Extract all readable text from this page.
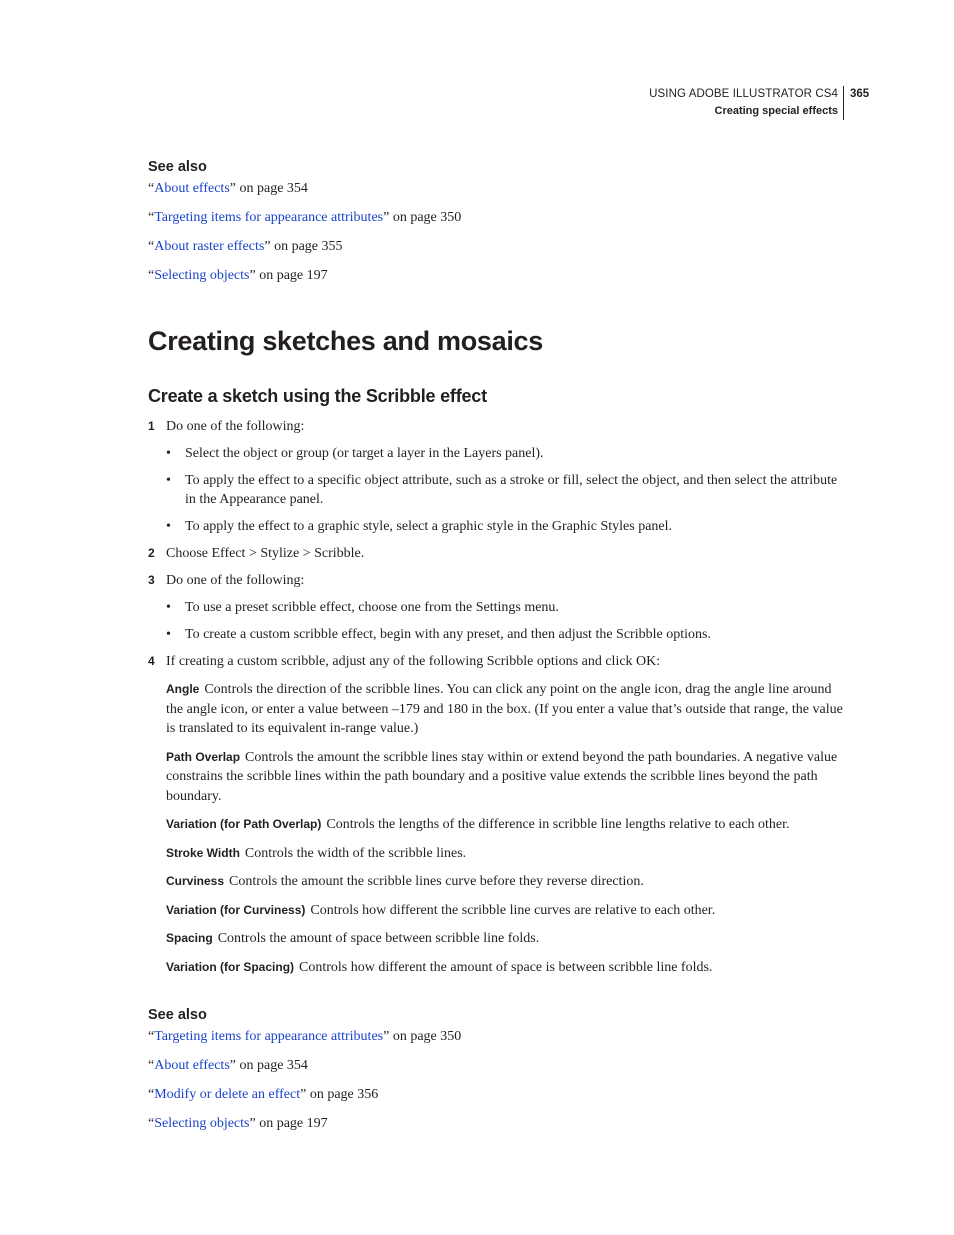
USING ADOBE ILLUSTRATOR CS4
Creating special effects
365
See also
“About effects” on page 354
“Targeting items for appearance attributes” on page 350
“About raster effects” on page 355
“Selecting objects” on page 197
Creating sketches and mosaics
Create a sketch using the Scribble effect
1 Do one of the following:
•	Select the object or group (or target a layer in the Layers panel).
•	To apply the effect to a specific object attribute, such as a stroke or fill, select the object, and then select the attribute in the Appearance panel.
•	To apply the effect to a graphic style, select a graphic style in the Graphic Styles panel.
2 Choose Effect > Stylize > Scribble.
3 Do one of the following:
•	To use a preset scribble effect, choose one from the Settings menu.
•	To create a custom scribble effect, begin with any preset, and then adjust the Scribble options.
4 If creating a custom scribble, adjust any of the following Scribble options and click OK:

Angle Controls the direction of the scribble lines. You can click any point on the angle icon, drag the angle line around the angle icon, or enter a value between –179 and 180 in the box. (If you enter a value that’s outside that range, the value is translated to its equivalent in-range value.)

Path Overlap Controls the amount the scribble lines stay within or extend beyond the path boundaries. A negative value constrains the scribble lines within the path boundary and a positive value extends the scribble lines beyond the path boundary.

Variation (for Path Overlap) Controls the lengths of the difference in scribble line lengths relative to each other.

Stroke Width Controls the width of the scribble lines.

Curviness Controls the amount the scribble lines curve before they reverse direction.

Variation (for Curviness) Controls how different the scribble line curves are relative to each other.

Spacing Controls the amount of space between scribble line folds.

Variation (for Spacing) Controls how different the amount of space is between scribble line folds.

See also
“Targeting items for appearance attributes” on page 350
“About effects” on page 354
“Modify or delete an effect” on page 356
“Selecting objects” on page 197
